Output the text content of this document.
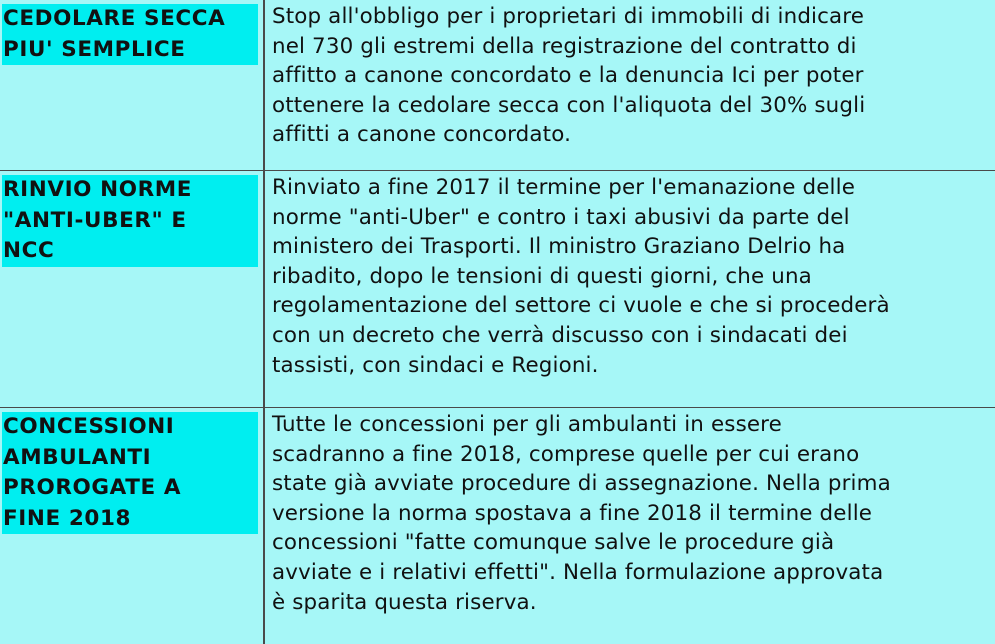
CEDOLARE SECCA
PIU' SEMPLICE
Stop all'obbligo per i proprietari di immobili di indicare
nel 730 gli estremi della registrazione del contratto di
affitto a canone concordato e la denuncia Ici per poter
ottenere la cedolare secca con l'aliquota del 30% sugli
affitti a canone concordato.
RINVIO NORME
"ANTI-UBER" E
NCC
Rinviato a fine 2017 il termine per l'emanazione delle
norme "anti-Uber" e contro i taxi abusivi da parte del
ministero dei Trasporti. Il ministro Graziano Delrio ha
ribadito, dopo le tensioni di questi giorni, che una
regolamentazione del settore ci vuole e che si procederà
con un decreto che verrà discusso con i sindacati dei
tassisti, con sindaci e Regioni.
CONCESSIONI
AMBULANTI
PROROGATE A
FINE 2018
Tutte le concessioni per gli ambulanti in essere
scadranno a fine 2018, comprese quelle per cui erano
state già avviate procedure di assegnazione. Nella prima
versione la norma spostava a fine 2018 il termine delle
concessioni "fatte comunque salve le procedure già
avviate e i relativi effetti". Nella formulazione approvata
è sparita questa riserva.
